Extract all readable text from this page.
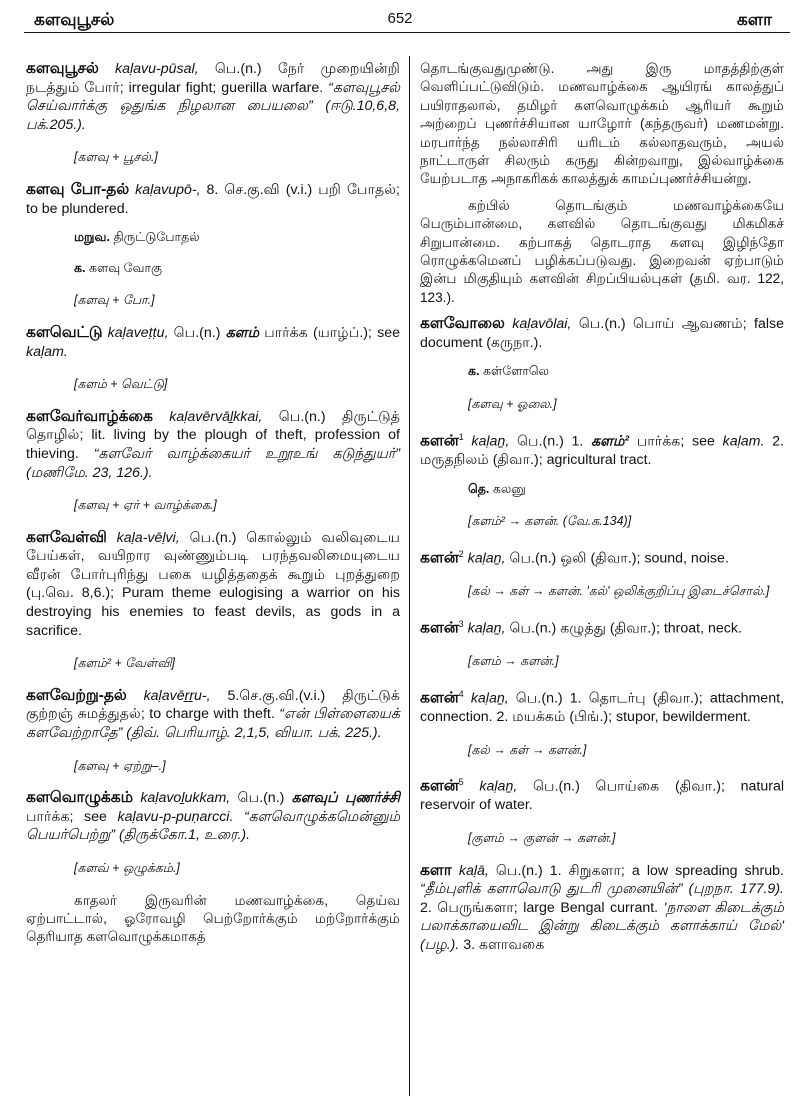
களவுபூசல்	652	களா
களவுபூசல் kaḷavu-pūsal, பெ.(n.) நேர் முறையின்றி நடத்தும் போர்; irregular fight; guerilla warfare. “களவுபூசல் செய்வார்க்கு ஒதுங்க நிழலான பையலை” (ஈடு.10,6,8, பக்.205.).
[களவு + பூசல்.]
களவு போ-தல் kaḷavupō-, 8. செ.கு.வி (v.i.) பறி போதல்; to be plundered.
மறுவ. திருட்டுபோதல்
க. களவு வோகு
[களவு + போ.]
களவெட்டு kaḷaveṭṭu, பெ.(n.) களம் பார்க்க (யாழ்ப்.); see kaḷam.
[களம் + வெட்டு]
களவேர்வாழ்க்கை kaḷavērvāḻkkai, பெ.(n.) திருட்டுத் தொழில்; lit. living by the plough of theft, profession of thieving. “களவேர் வாழ்க்கையர் உறூஉங் கடுந்துயர்” (மணிமே. 23, 126.).
[களவு + ஏர் + வாழ்க்கை.]
களவேள்வி kaḷa-vēḷvi, பெ.(n.) கொல்லும் வலிவுடைய பேய்கள், வயிறார வுண்ணும்படி பரந்தவலிமையுடைய வீரன் போர்புரிந்து பகை யழித்ததைக் கூறும் புறத்துறை (பு.வெ. 8,6.); Puram theme eulogising a warrior on his destroying his enemies to feast devils, as gods in a sacrifice.
[களம்² + வேள்வி]
களவேற்று-தல் kaḷavēṟṟu-, 5.செ.கு.வி.(v.i.) திருட்டுக் குற்றஞ் சுமத்துதல்; to charge with theft. “என் பிள்ளையைக் களவேற்றாதே” (திவ். பெரியாழ். 2,1,5, வியா. பக். 225.).
[களவு + ஏற்று–.]
களவொழுக்கம் kaḷavoḻukkam, பெ.(n.) களவுப் புணர்ச்சி பார்க்க; see kaḷavu-p-puṇarcci. “களவொழுக்கமென்னும் பெயர்பெற்று” (திருக்கோ.1, உரை.).
[களவ் + ஒழுக்கம்.]
காதலர் இருவரின் மணவாழ்க்கை, தெய்வ ஏற்பாட்டால், ஓரோவழி பெற்றோர்க்கும் மற்றோர்க்கும் தெரியாத களவொழுக்கமாகத்
தொடங்குவதுமுண்டு. அது இரு மாதத்திற்குள் வெளிப்பட்டுவிடும். மணவாழ்க்கை ஆயிரங் காலத்துப் பயிராதலால், தமிழர் களவொழுக்கம் ஆரியர் கூறும் அற்றைப் புணர்ச்சியான யாழோர் (கந்தருவர்) மணமன்று. மரபார்ந்த நல்லாசிரி யரிடம் கல்லாதவரும், அயல் நாட்டாருள் சிலரும் கருது கின்றவாறு, இல்வாழ்க்கை யேற்படாத அநாகரிகக் காலத்துக் காமப்புணர்ச்சியன்று.
கற்பில் தொடங்கும் மணவாழ்க்கையே பெரும்பான்மை, களவில் தொடங்குவது மிகமிகச் சிறுபான்மை. கற்பாகத் தொடராத களவு இழிந்தோ ரொழுக்கமெனப் பழிக்கப்படுவது. இறைவன் ஏற்பாடும் இன்ப மிகுதியும் களவின் சிறப்பியல்புகள் (தமி. வர. 122, 123.).
களவோலை kaḷavōlai, பெ.(n.) பொய் ஆவணம்; false document (கருநா.).
க. கள்ளோலெ
[களவு + ஓலை.]
களன்$^1$ kaḷaṉ, பெ.(n.) 1. களம்² பார்க்க; see kaḷam. 2. மருதநிலம் (திவா.); agricultural tract.
தெ. கலனு
[களம்² → களன். (வே.க.134)]
களன்$^2$ kaḷaṉ, பெ.(n.) ஒலி (திவா.); sound, noise.
[கல் → கள் → களன். 'கல்' ஒலிக்குறிப்பு இடைச்சொல்.]
களன்$^3$ kaḷaṉ, பெ.(n.) கழுத்து (திவா.); throat, neck.
[களம் → களன்.]
களன்$^4$ kaḷaṉ, பெ.(n.) 1. தொடர்பு (திவா.); attachment, connection. 2. மயக்கம் (பிங்.); stupor, bewilderment.
[கல் → கள் → களன்.]
களன்$^5$ kaḷaṉ, பெ.(n.) பொய்கை (திவா.); natural reservoir of water.
[குளம் → குளன் → களன்.]
களா kaḷā, பெ.(n.) 1. சிறுகளா; a low spreading shrub. “தீம்புளிக் களாவொடு துடரி முனையின்” (புறநா. 177.9). 2. பெருங்களா; large Bengal currant. 'நாளை கிடைக்கும் பலாக்காயைவிட இன்று கிடைக்கும் களாக்காய் மேல்' (பழ.). 3. களாவகை
